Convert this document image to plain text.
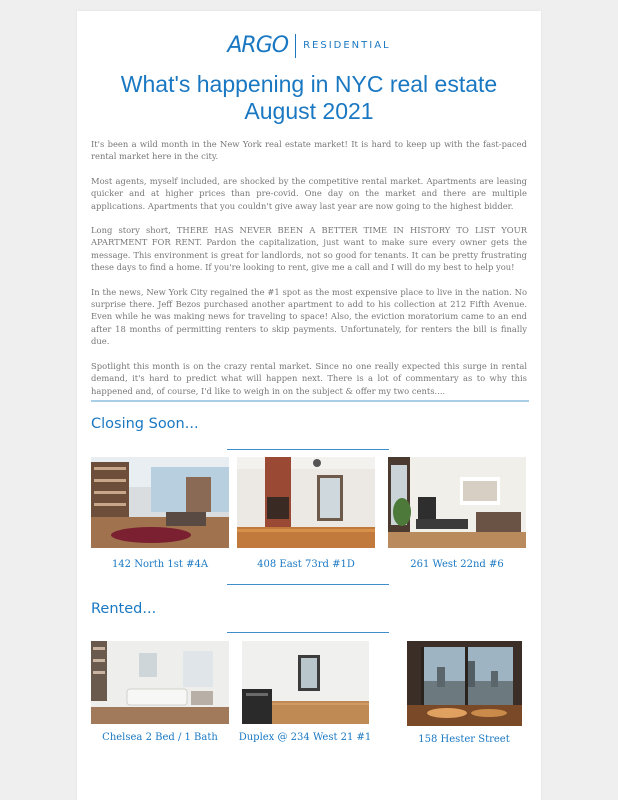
ARGO RESIDENTIAL
What's happening in NYC real estate
August 2021

It's been a wild month in the New York real estate market! It is hard to keep up with the fast-paced rental market here in the city.

Most agents, myself included, are shocked by the competitive rental market. Apartments are leasing quicker and at higher prices than pre-covid. One day on the market and there are multiple applications. Apartments that you couldn't give away last year are now going to the highest bidder.

Long story short, THERE HAS NEVER BEEN A BETTER TIME IN HISTORY TO LIST YOUR APARTMENT FOR RENT. Pardon the capitalization, just want to make sure every owner gets the message. This environment is great for landlords, not so good for tenants. It can be pretty frustrating these days to find a home. If you're looking to rent, give me a call and I will do my best to help you!

In the news, New York City regained the #1 spot as the most expensive place to live in the nation. No surprise there. Jeff Bezos purchased another apartment to add to his collection at 212 Fifth Avenue. Even while he was making news for traveling to space! Also, the eviction moratorium came to an end after 18 months of permitting renters to skip payments. Unfortunately, for renters the bill is finally due.

Spotlight this month is on the crazy rental market. Since no one really expected this surge in rental demand, it's hard to predict what will happen next. There is a lot of commentary as to why this happened and, of course, I'd like to weigh in on the subject & offer my two cents....

Closing Soon...
142 North 1st #4A	408 East 73rd #1D	261 West 22nd #6
Rented...
Chelsea 2 Bed / 1 Bath	Duplex @ 234 West 21 #1	158 Hester Street
